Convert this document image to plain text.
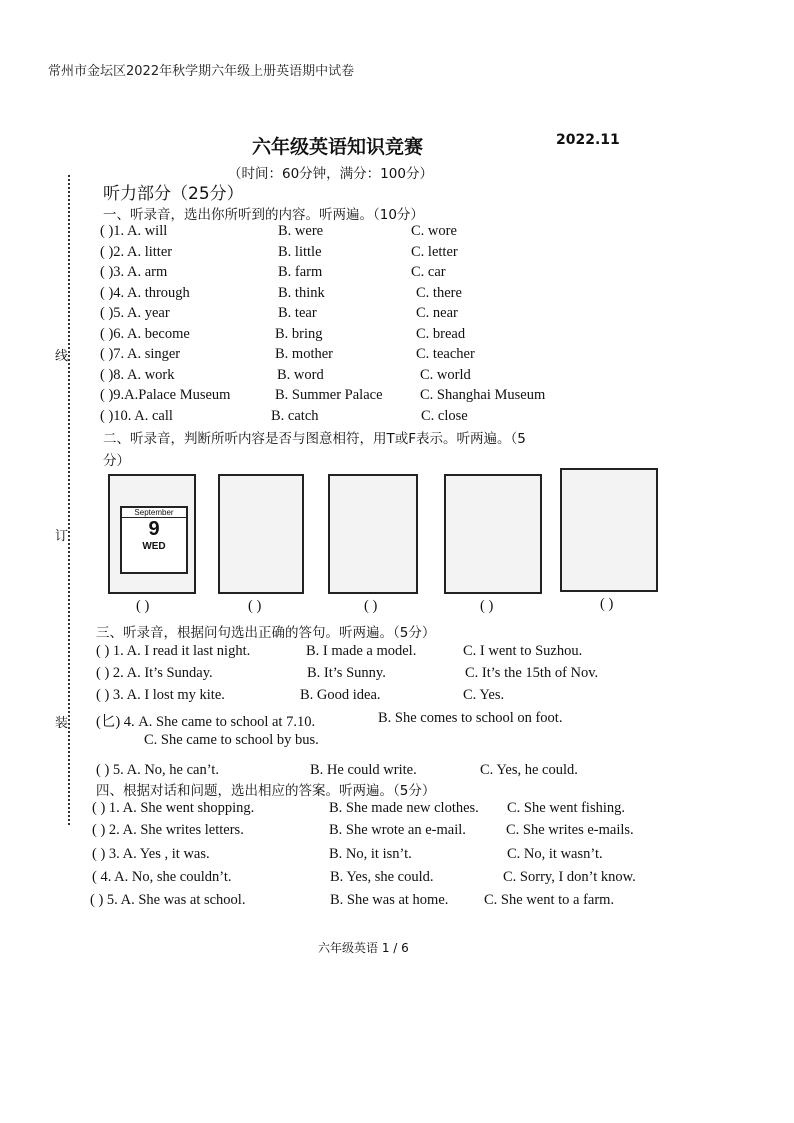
常州市金坛区2022年秋学期六年级上册英语期中试卷
六年级英语知识竞赛	2022.11
（时间：60分钟，满分：100分）
听力部分（25分）
线
订
装
一、听录音，选出你所听到的内容。听两遍。（10分）
( )1. A. will	B. were	C. wore
( )2. A. litter	B. little	C. letter
( )3. A. arm	B. farm	C. car
( )4. A. through	B. think	C. there
( )5. A. year	B. tear	C. near
( )6. A. become	B. bring	C. bread
( )7. A. singer	B. mother	C. teacher
( )8. A. work	B. word	C. world
( )9.A.Palace Museum	B. Summer Palace	C. Shanghai Museum
( )10. A. call	B. catch	C. close
二、听录音，判断所听内容是否与图意相符，用T或F表示。听两遍。（5
分）
September
9
WED
( )	( )	( )	( )	( )
三、听录音，根据问句选出正确的答句。听两遍。（5分）
( ) 1. A. I read it last night.	B. I made a model.	C. I went to Suzhou.
( ) 2. A. It’s Sunday.	B. It’s Sunny.	C. It’s the 15th of Nov.
( ) 3. A. I lost my kite.	B. Good idea.	C. Yes.
(匕) 4. A. She came to school at 7.10.	B. She comes to school on foot.
C. She came to school by bus.
( ) 5. A. No, he can’t.	B. He could write.	C. Yes, he could.
四、根据对话和问题，选出相应的答案。听两遍。（5分）
( ) 1. A. She went shopping.	B. She made new clothes. C. She went fishing.
( ) 2. A. She writes letters.	B. She wrote an e-mail.	C. She writes e-mails.
( ) 3. A. Yes , it was.	B. No, it isn’t.	C. No, it wasn’t.
( 4. A. No, she couldn’t.	B. Yes, she could.	C. Sorry, I don’t know.
( ) 5. A. She was at school.	B. She was at home. C. She went to a farm.
六年级英语 1 / 6
